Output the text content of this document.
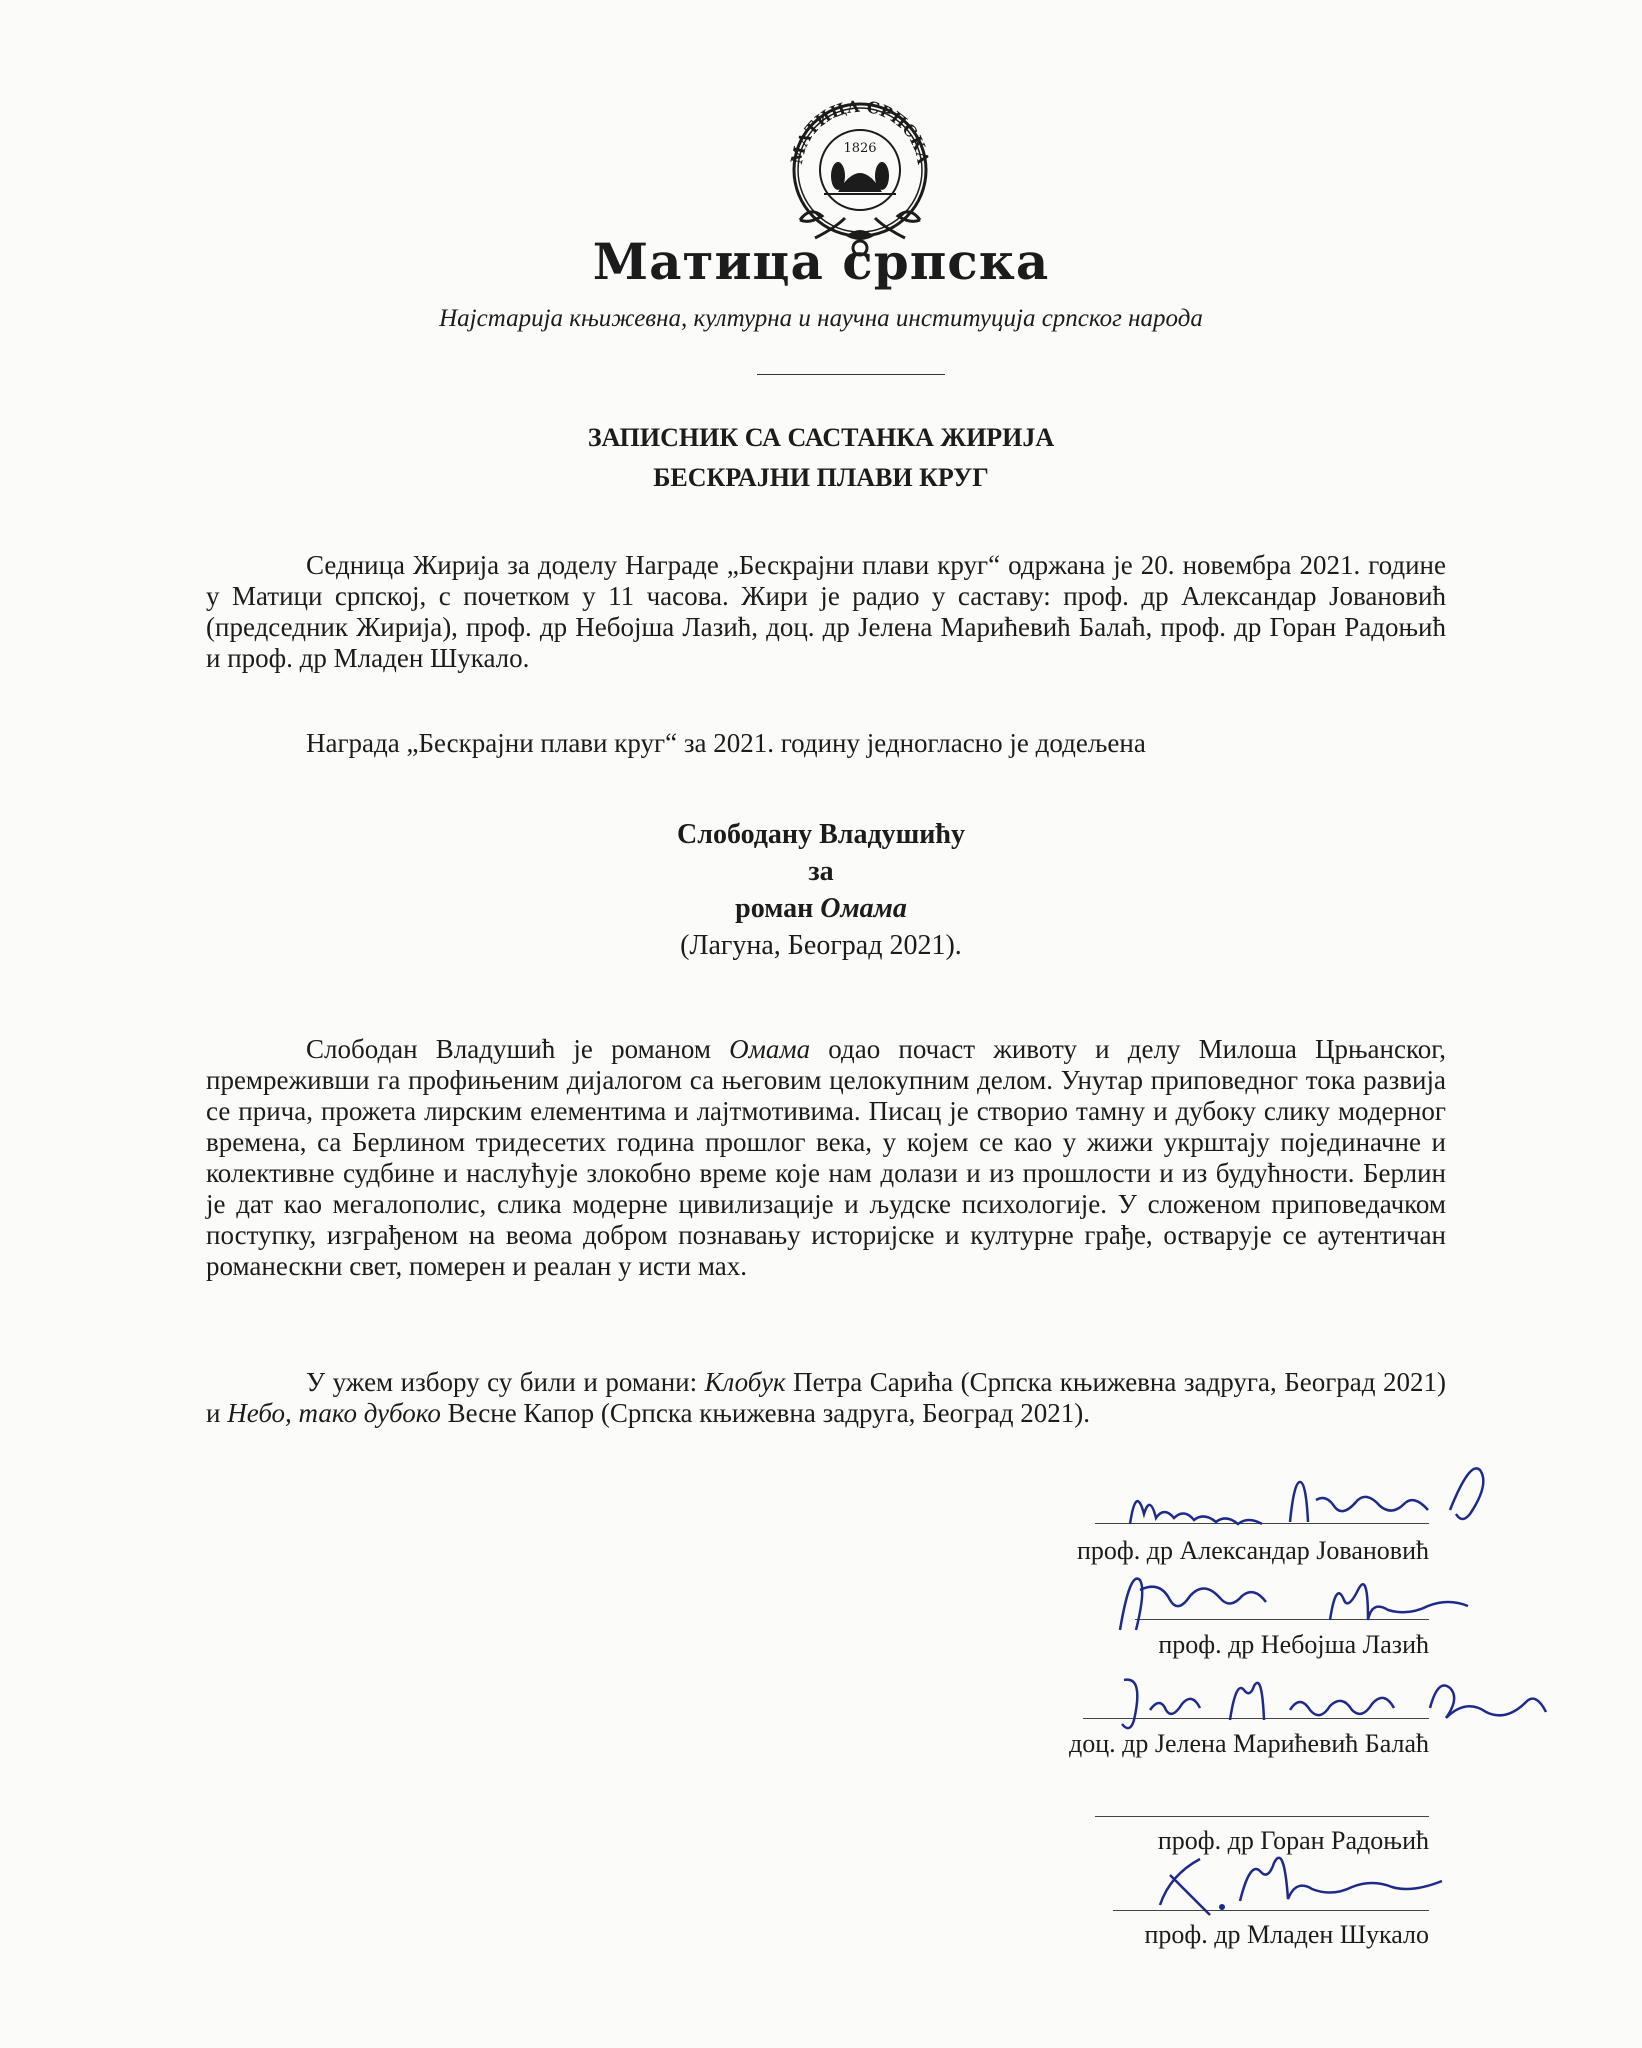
МАТИЦА СРПСКА
1826
Матица српска

Најстарија књижевна, културна и научна институција српског народа

ЗАПИСНИК СА САСТАНКА ЖИРИЈА
БЕСКРАЈНИ ПЛАВИ КРУГ

Седница Жирија за доделу Награде „Бескрајни плави круг“ одржана је 20. новембра 2021. године у Матици српској, с почетком у 11 часова. Жири је радио у саставу: проф. др Александар Јовановић (председник Жирија), проф. др Небојша Лазић, доц. др Јелена Марићевић Балаћ, проф. др Горан Радоњић и проф. др Младен Шукало.

Награда „Бескрајни плави круг“ за 2021. годину једногласно је додељена

Слободану Владушићу
за
роман Омама
(Лагуна, Београд 2021).

Слободан Владушић је романом Омама одао почаст животу и делу Милоша Црњанског, премреживши га профињеним дијалогом са његовим целокупним делом. Унутар приповедног тока развија се прича, прожета лирским елементима и лајтмотивима. Писац је створио тамну и дубоку слику модерног времена, са Берлином тридесетих година прошлог века, у којем се као у жижи укрштају појединачне и колективне судбине и наслућује злокобно време које нам долази и из прошлости и из будућности. Берлин је дат као мегалополис, слика модерне цивилизације и људске психологије. У сложеном приповедачком поступку, изграђеном на веома добром познавању историјске и културне грађе, остварује се аутентичан романескни свет, померен и реалан у исти мах.

У ужем избору су били и романи: Клобук Петра Сарића (Српска књижевна задруга, Београд 2021) и Небо, тако дубоко Весне Капор (Српска књижевна задруга, Београд 2021).

проф. др Александар Јовановић
проф. др Небојша Лазић
доц. др Јелена Марићевић Балаћ
проф. др Горан Радоњић
проф. др Младен Шукало
